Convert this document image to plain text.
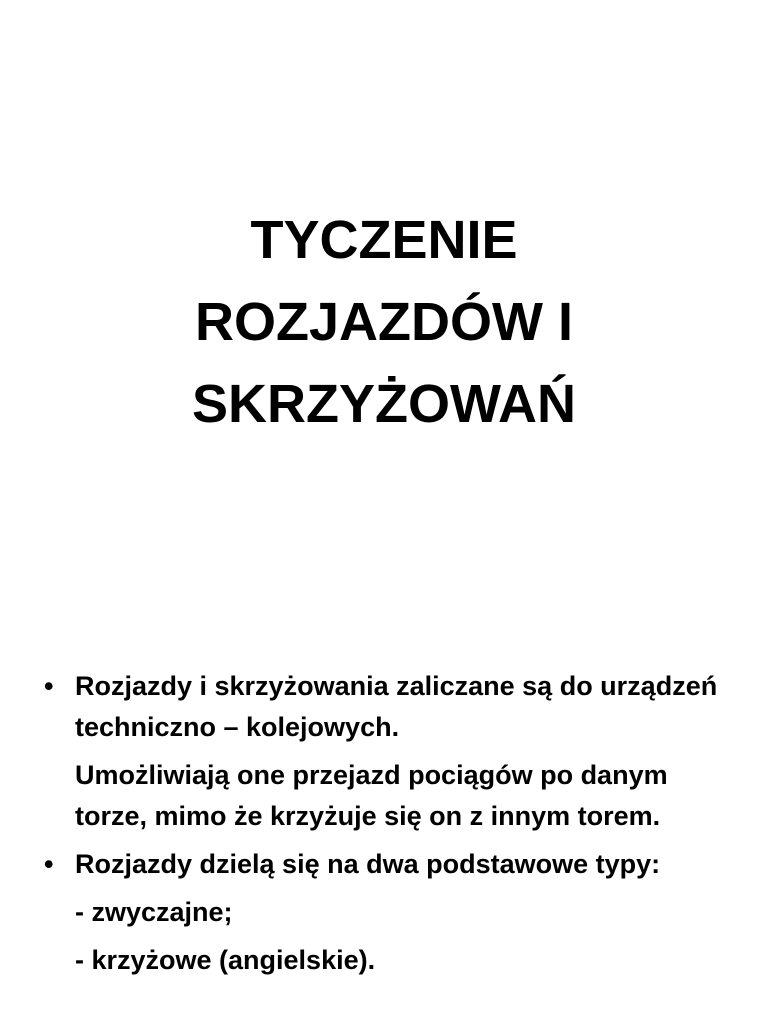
TYCZENIE
ROZJAZDÓW I
SKRZYŻOWAŃ
• Rozjazdy i skrzyżowania zaliczane są do urządzeń techniczno – kolejowych.

Umożliwiają one przejazd pociągów po danym torze, mimo że krzyżuje się on z innym torem.

• Rozjazdy dzielą się na dwa podstawowe typy:

- zwyczajne;

- krzyżowe (angielskie).
